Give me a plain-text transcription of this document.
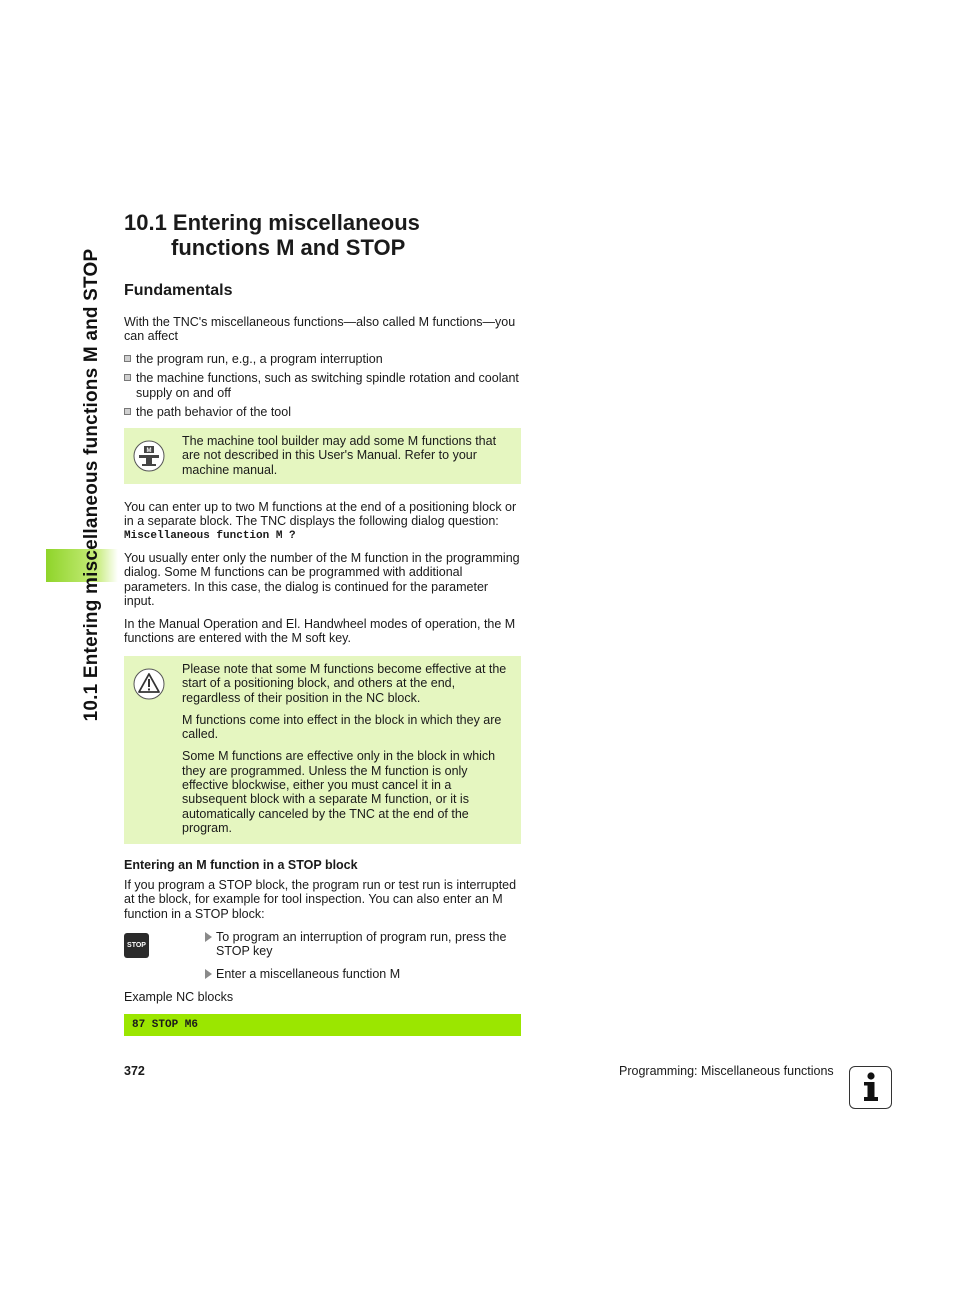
10.1 Entering miscellaneous functions M and STOP
10.1 Entering miscellaneous
functions M and STOP
Fundamentals

With the TNC's miscellaneous functions—also called M functions—you can affect

the program run, e.g., a program interruption
the machine functions, such as switching spindle rotation and coolant supply on and off
the path behavior of the tool
M

The machine tool builder may add some M functions that are not described in this User's Manual. Refer to your machine manual.

You can enter up to two M functions at the end of a positioning block or in a separate block. The TNC displays the following dialog question:

Miscellaneous function M ?

You usually enter only the number of the M function in the programming dialog. Some M functions can be programmed with additional parameters. In this case, the dialog is continued for the parameter input.

In the Manual Operation and El. Handwheel modes of operation, the M functions are entered with the M soft key.

Please note that some M functions become effective at the start of a positioning block, and others at the end, regardless of their position in the NC block.

M functions come into effect in the block in which they are called.

Some M functions are effective only in the block in which they are programmed. Unless the M function is only effective blockwise, either you must cancel it in a subsequent block with a separate M function, or it is automatically canceled by the TNC at the end of the program.

Entering an M function in a STOP block

If you program a STOP block, the program run or test run is interrupted at the block, for example for tool inspection. You can also enter an M function in a STOP block:

STOP

To program an interruption of program run, press the STOP key

Enter a miscellaneous function M

Example NC blocks

87 STOP M6
372	Programming: Miscellaneous functions
